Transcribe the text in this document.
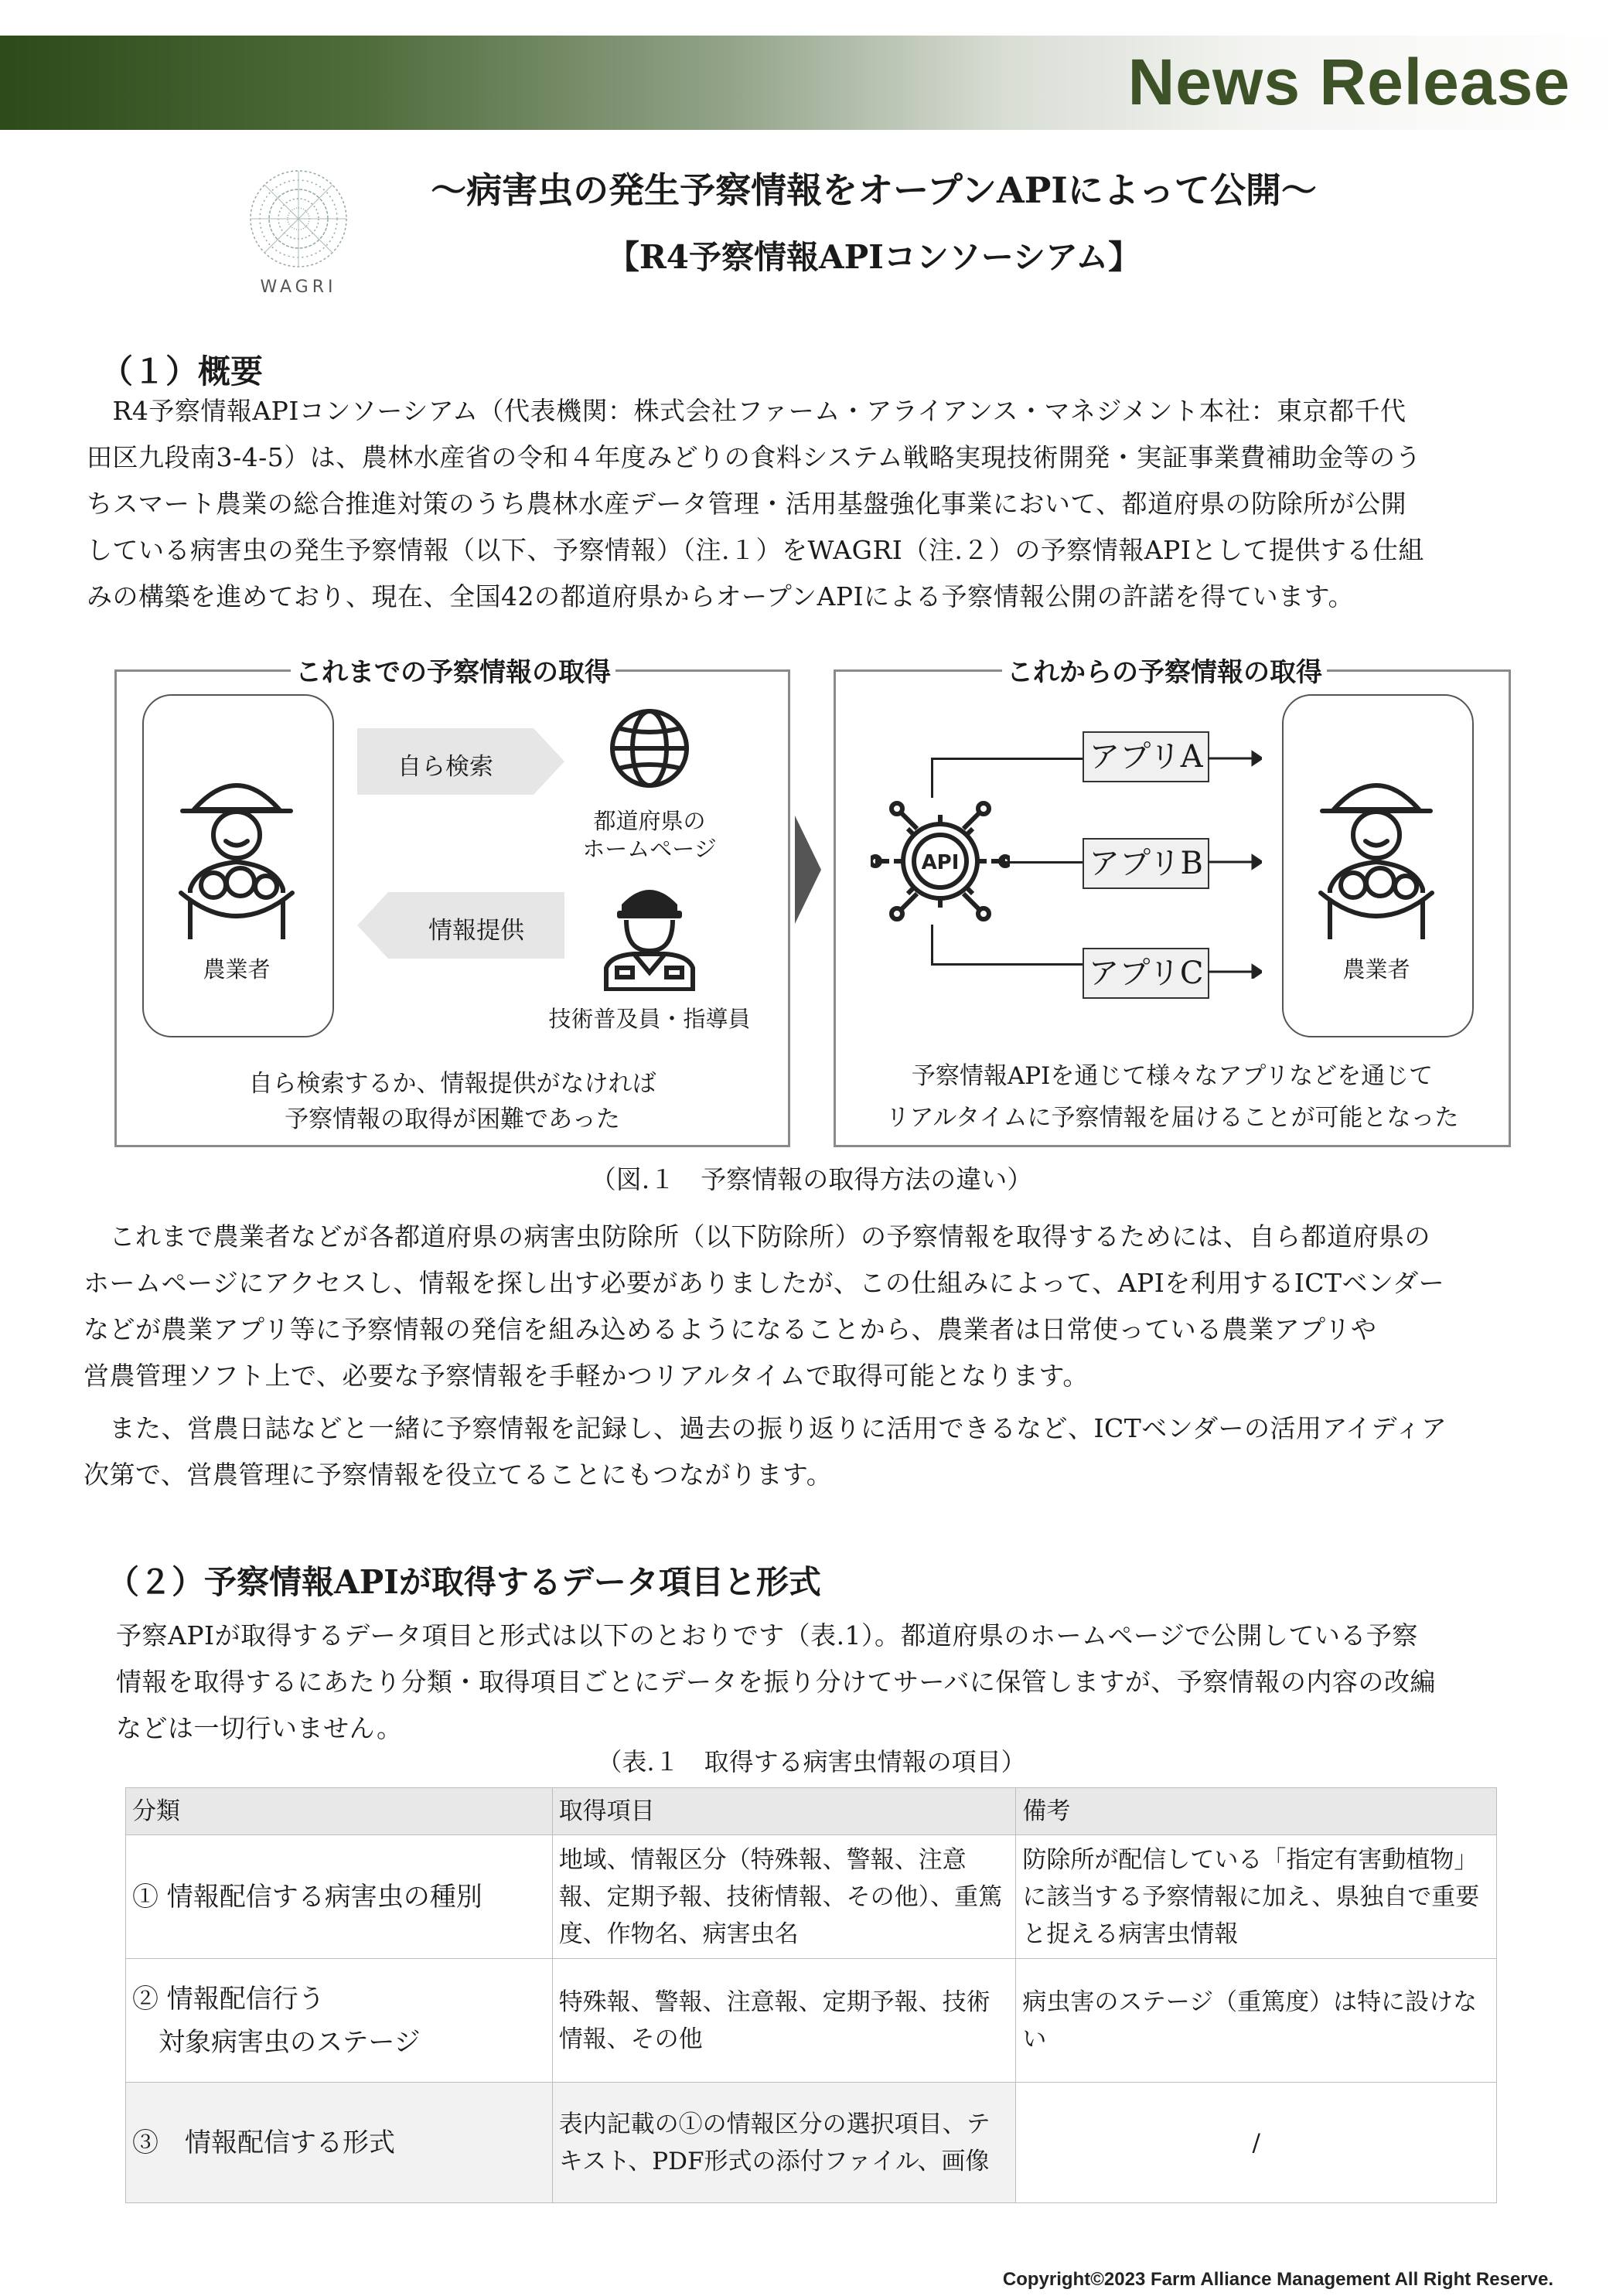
News Release
WAGRI
～病害虫の発生予察情報をオープンAPIによって公開～
【R4予察情報APIコンソーシアム】
（１）概要
　R4予察情報APIコンソーシアム（代表機関：株式会社ファーム・アライアンス・マネジメント本社：東京都千代
田区九段南3-4-5）は、農林水産省の令和４年度みどりの食料システム戦略実現技術開発・実証事業費補助金等のう
ちスマート農業の総合推進対策のうち農林水産データ管理・活用基盤強化事業において、都道府県の防除所が公開
している病害虫の発生予察情報（以下、予察情報）（注.１）をWAGRI（注.２）の予察情報APIとして提供する仕組
みの構築を進めており、現在、全国42の都道府県からオープンAPIによる予察情報公開の許諾を得ています。
これまでの予察情報の取得
農業者
自ら検索
情報提供
都道府県の
ホームページ
技術普及員・指導員
自ら検索するか、情報提供がなければ
予察情報の取得が困難であった
これからの予察情報の取得
API
アプリA
アプリB
アプリC	農業者
予察情報APIを通じて様々なアプリなどを通じて
リアルタイムに予察情報を届けることが可能となった
（図.１　予察情報の取得方法の違い）
　これまで農業者などが各都道府県の病害虫防除所（以下防除所）の予察情報を取得するためには、自ら都道府県の
ホームページにアクセスし、情報を探し出す必要がありましたが、この仕組みによって、APIを利用するICTベンダー
などが農業アプリ等に予察情報の発信を組み込めるようになることから、農業者は日常使っている農業アプリや
営農管理ソフト上で、必要な予察情報を手軽かつリアルタイムで取得可能となります。
　また、営農日誌などと一緒に予察情報を記録し、過去の振り返りに活用できるなど、ICTベンダーの活用アイディア
次第で、営農管理に予察情報を役立てることにもつながります。
（２）予察情報APIが取得するデータ項目と形式
予察APIが取得するデータ項目と形式は以下のとおりです（表.1）。都道府県のホームページで公開している予察
情報を取得するにあたり分類・取得項目ごとにデータを振り分けてサーバに保管しますが、予察情報の内容の改編
などは一切行いません。
（表.１　取得する病害虫情報の項目）
分類	取得項目	備考
① 情報配信する病害虫の種別	地域、情報区分（特殊報、警報、注意報、定期予報、技術情報、その他）、重篤度、作物名、病害虫名	防除所が配信している「指定有害動植物」に該当する予察情報に加え、県独自で重要と捉える病害虫情報

② 情報配信行う
対象病害虫のステージ	特殊報、警報、注意報、定期予報、技術情報、その他	病虫害のステージ（重篤度）は特に設けない
③　情報配信する形式	表内記載の①の情報区分の選択項目、テキスト、PDF形式の添付ファイル、画像	/
Copyright©2023 Farm Alliance Management All Right Reserve.
